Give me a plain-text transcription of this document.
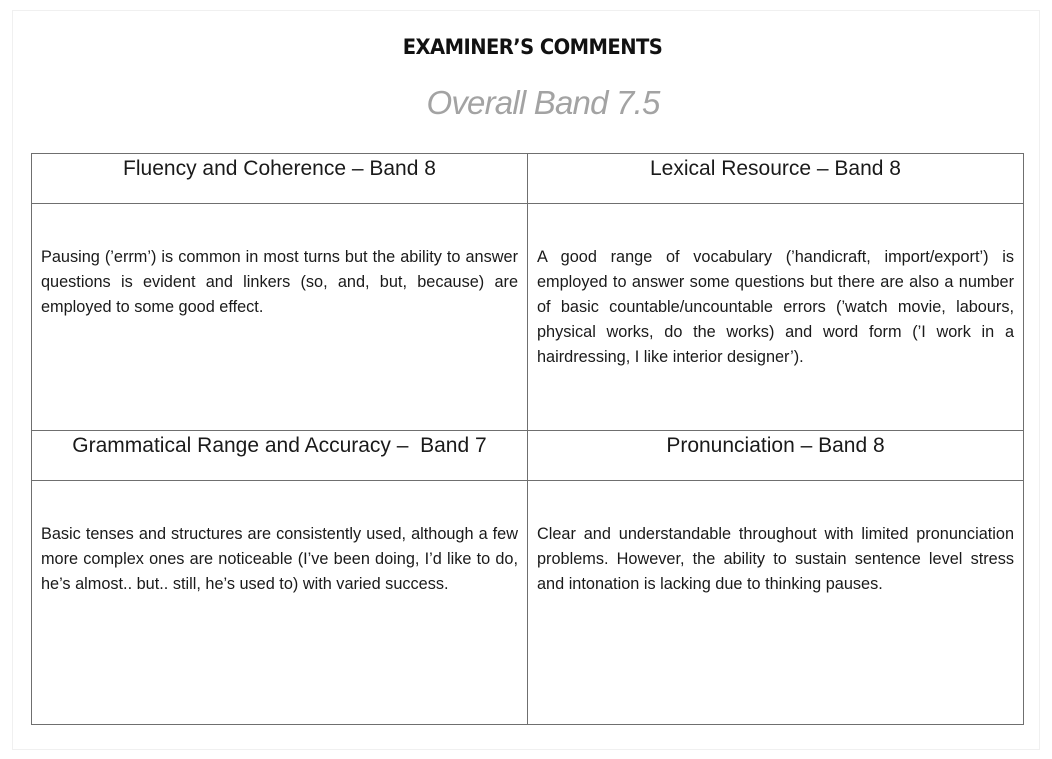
EXAMINER’S COMMENTS
Overall Band 7.5
Fluency and Coherence – Band 8	Lexical Resource – Band 8

Pausing (’errm’) is common in most turns but the ability to answer questions is evident and linkers (so, and, but, because) are employed to some good effect.	A good range of vocabulary (’handicraft, import/export’) is employed to answer some questions but there are also a number of basic countable/uncountable errors (’watch movie, labours, physical works, do the works) and word form (’I work in a hairdressing, I like interior designer’).

Grammatical Range and Accuracy –  Band 7	Pronunciation – Band 8

Basic tenses and structures are consistently used, although a few more complex ones are noticeable (I’ve been doing, I’d like to do, he’s almost.. but.. still, he’s used to) with varied success.	Clear and understandable throughout with limited pronunciation problems. However, the ability to sustain sentence level stress and intonation is lacking due to thinking pauses.
